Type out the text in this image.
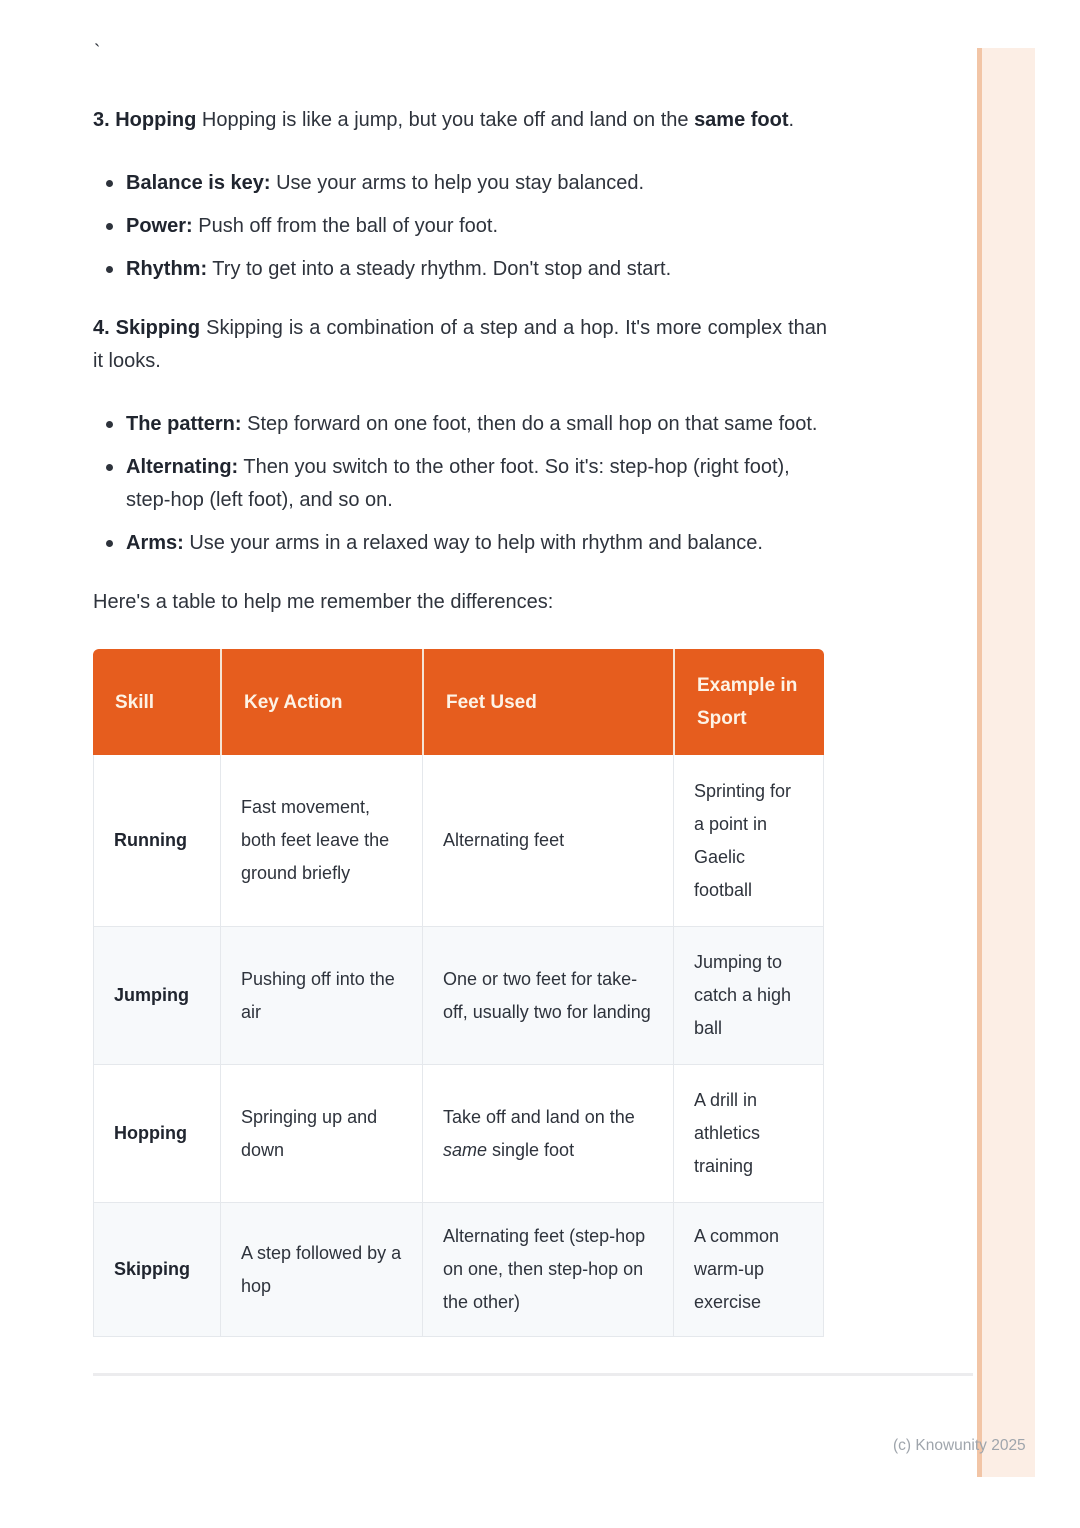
`

3. Hopping Hopping is like a jump, but you take off and land on the same foot.

Balance is key: Use your arms to help you stay balanced.
Power: Push off from the ball of your foot.
Rhythm: Try to get into a steady rhythm. Don't stop and start.

4. Skipping Skipping is a combination of a step and a hop. It's more complex than it looks.

The pattern: Step forward on one foot, then do a small hop on that same foot.
Alternating: Then you switch to the other foot. So it's: step-hop (right foot), step-hop (left foot), and so on.
Arms: Use your arms in a relaxed way to help with rhythm and balance.

Here's a table to help me remember the differences:

Skill	Key Action	Feet Used	Example in Sport
Running	Fast movement, both feet leave the ground briefly	Alternating feet	Sprinting for a point in Gaelic football
Jumping	Pushing off into the air	One or two feet for take-off, usually two for landing	Jumping to catch a high ball
Hopping	Springing up and down	Take off and land on the same single foot	A drill in athletics training
Skipping	A step followed by a hop	Alternating feet (step-hop on one, then step-hop on the other)	A common warm-up exercise
(c) Knowunity 2025
